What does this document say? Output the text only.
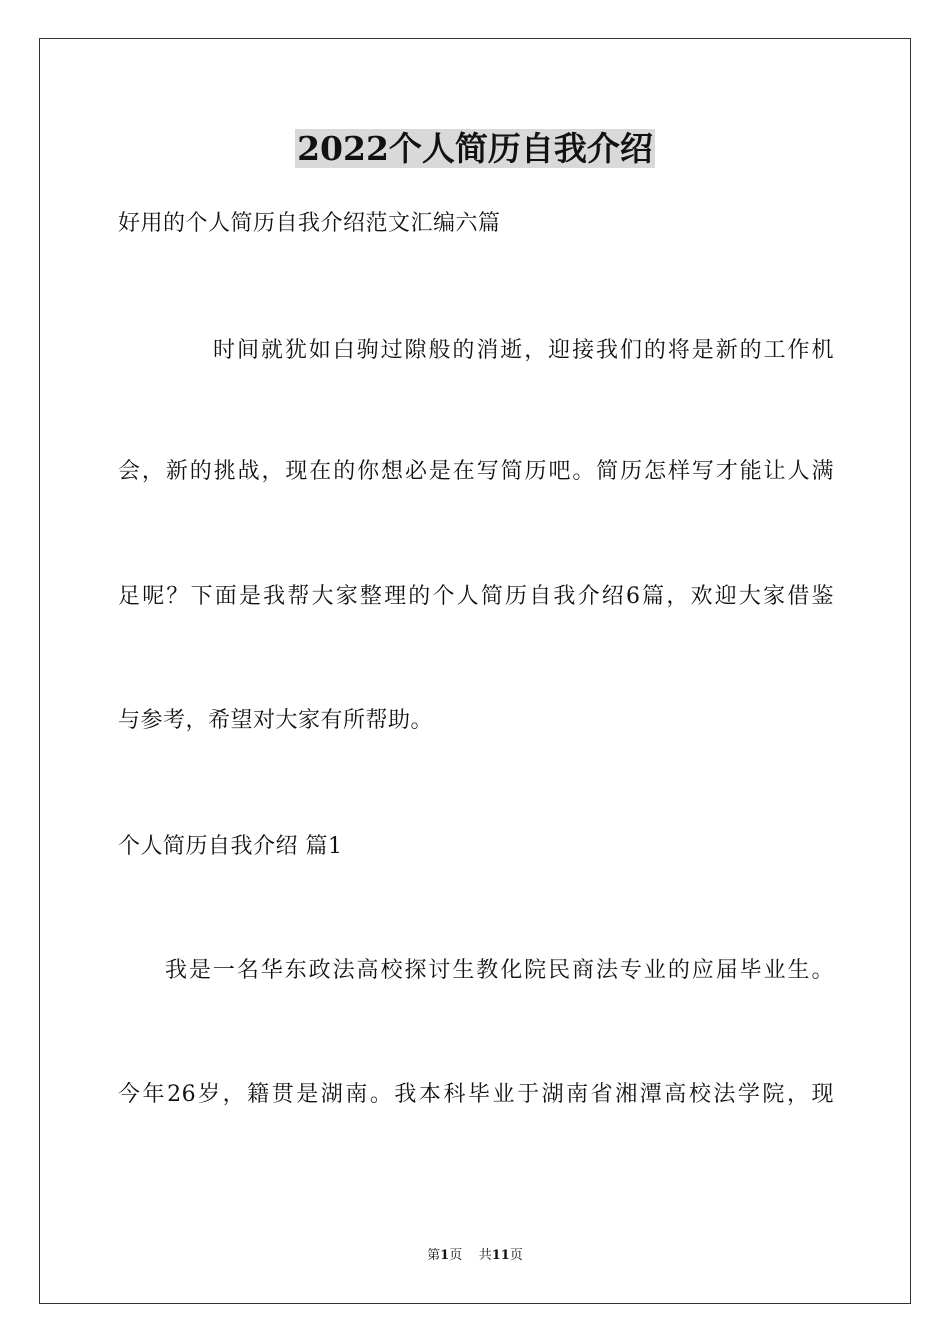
2022个人简历自我介绍
好用的个人简历自我介绍范文汇编六篇
时间就犹如白驹过隙般的消逝，迎接我们的将是新的工作机
会，新的挑战，现在的你想必是在写简历吧。简历怎样写才能让人满
足呢？下面是我帮大家整理的个人简历自我介绍6篇，欢迎大家借鉴
与参考，希望对大家有所帮助。
个人简历自我介绍 篇1
我是一名华东政法高校探讨生教化院民商法专业的应届毕业生。
今年26岁，籍贯是湖南。我本科毕业于湖南省湘潭高校法学院，现
第1页 共11页
